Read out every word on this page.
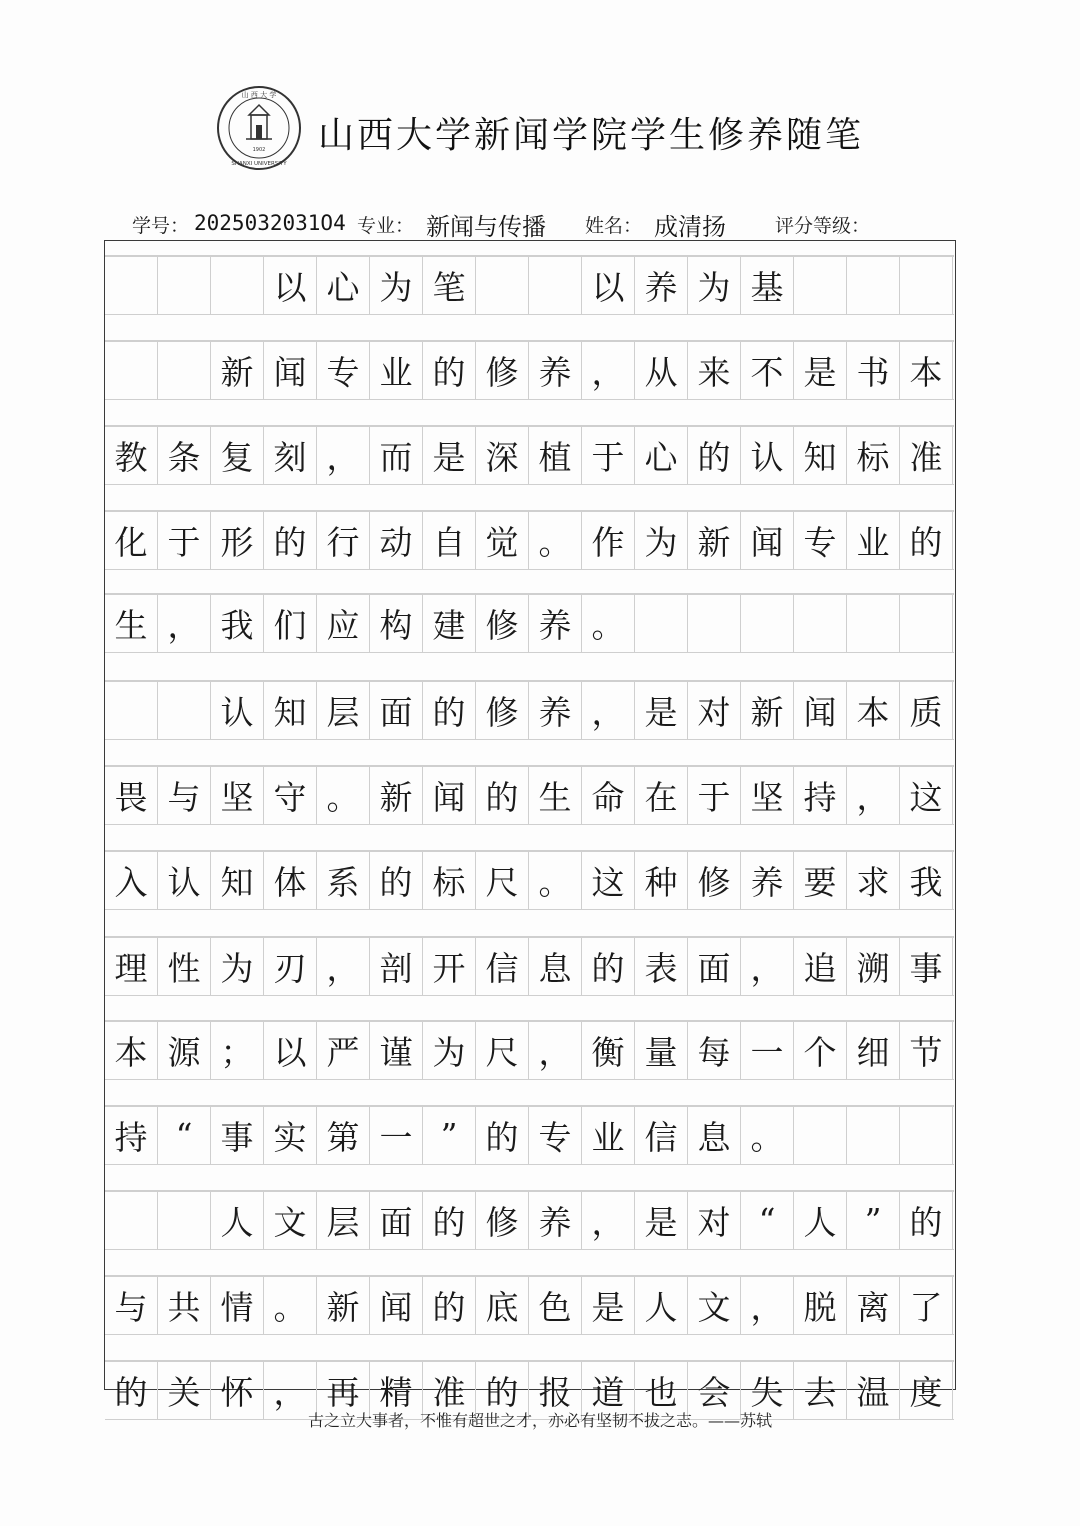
山 西 大 学
SHANXI UNIVERSITY
1902 山西大学新闻学院学生修养随笔
学号： 2025032031O4 专业： 新闻与传播 姓名： 成清扬	评分等级：
以 心 为 笔	以 养 为 基
新 闻 专 业 的 修 养 ， 从 来 不 是 书 本
教 条 复 刻 ， 而 是 深 植 于 心 的 认 知 标 准
化 于 形 的 行 动 自 觉 。 作 为 新 闻 专 业 的
生 ， 我 们 应 构 建 修 养 。
认 知 层 面 的 修 养 ， 是 对 新 闻 本 质
畏 与 坚 守 。 新 闻 的 生 命 在 于 坚 持 ， 这
入 认 知 体 系 的 标 尺 。 这 种 修 养 要 求 我
理 性 为 刃 ， 剖 开 信 息 的 表 面 ， 追 溯 事
本 源 ； 以 严 谨 为 尺 ， 衡 量 每 一 个 细 节
持 “ 事 实 第 一 ” 的 专 业 信 息 。
人 文 层 面 的 修 养 ， 是 对 “ 人 ” 的
与 共 情 。 新 闻 的 底 色 是 人 文 ， 脱 离 了
的 关 怀 ， 再 精 准 的 报 道 也 会 失 去 温 度
古之立大事者，不惟有超世之才，亦必有坚韧不拔之志。——苏轼
